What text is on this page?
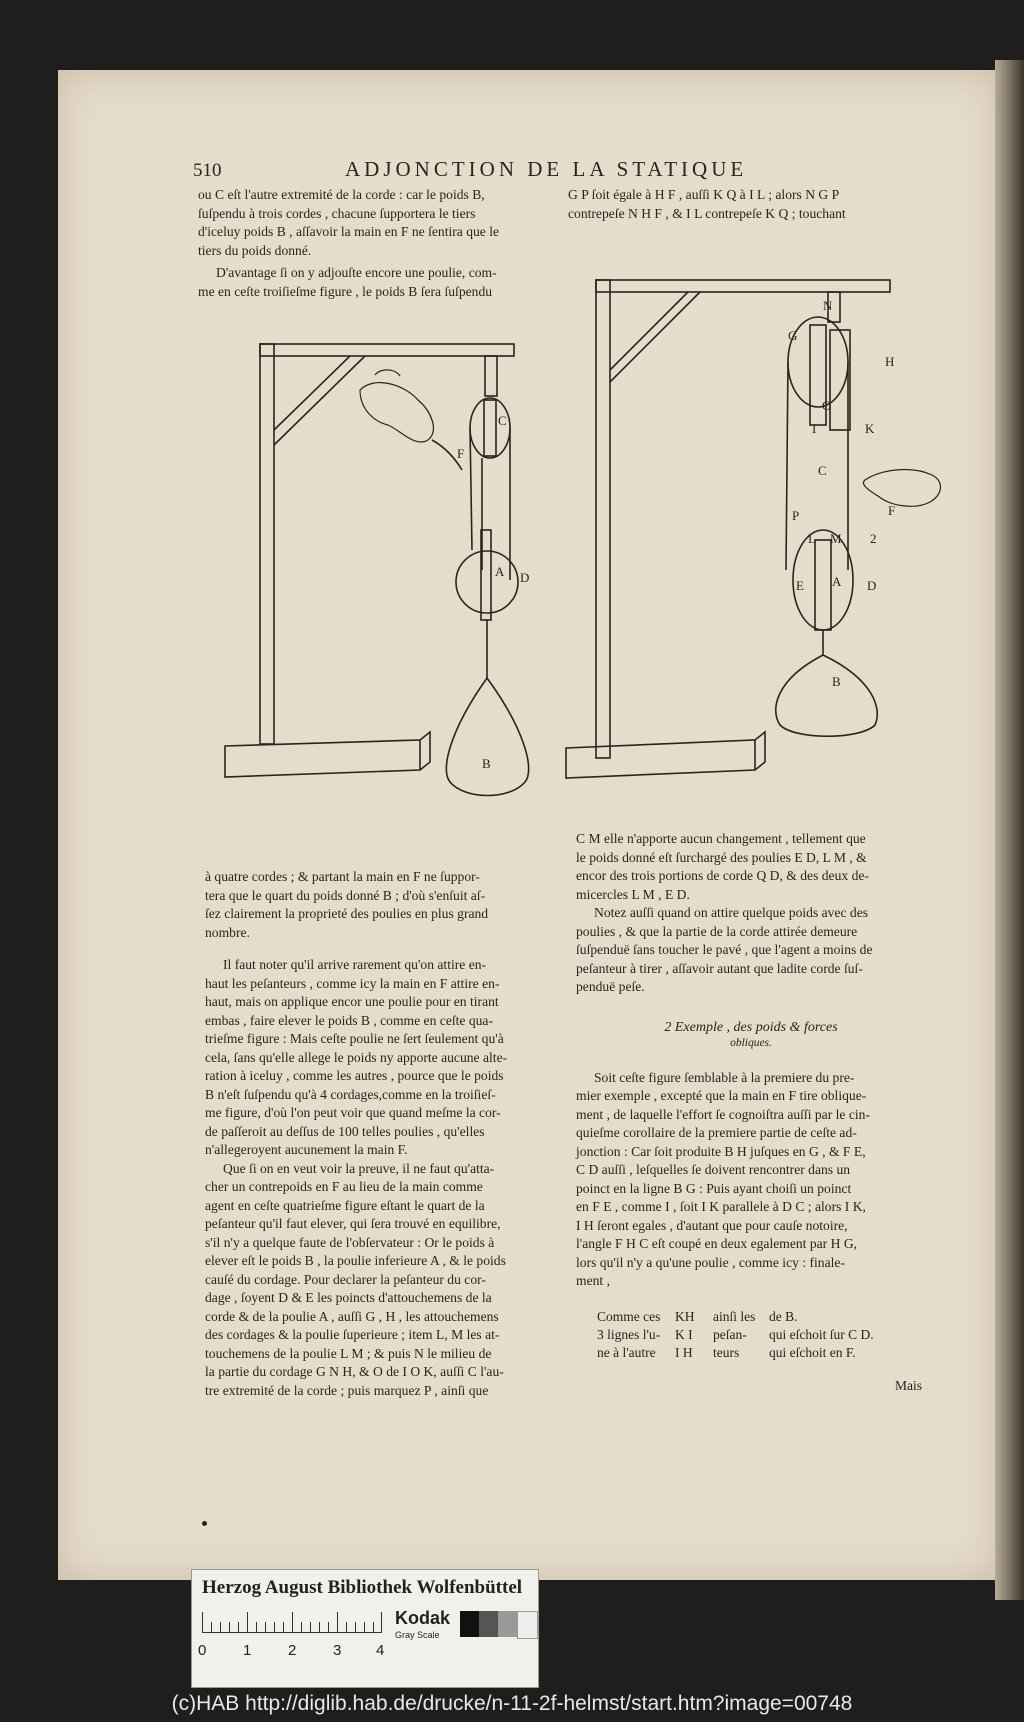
510	ADJONCTION DE LA STATIQUE

ou C eſt l'autre extremité de la corde : car le poids B,

ſuſpendu à trois cordes , chacune ſupportera le tiers

d'iceluy poids B , aſſavoir la main en F ne ſentira que le

tiers du poids donné.

D'avantage ſi on y adjouſte encore une poulie, com-

me en ceſte troiſieſme figure , le poids B ſera ſuſpendu

G P ſoit égale à H F , auſſi K Q à I L ; alors N G P

contrepeſe N H F , & I L contrepeſe K Q ; touchant

C
F
A D
B
N
G
H
O
I	K
C
P	F
L M 2
E A D
B

à quatre cordes ; & partant la main en F ne ſuppor-

tera que le quart du poids donné B ; d'où s'enſuit aſ-

ſez clairement la proprieté des poulies en plus grand

nombre.

Il faut noter qu'il arrive rarement qu'on attire en-

haut les peſanteurs , comme icy la main en F attire en-

haut, mais on applique encor une poulie pour en tirant

embas , faire elever le poids B , comme en ceſte qua-

trieſme figure : Mais ceſte poulie ne ſert ſeulement qu'à

cela, ſans qu'elle allege le poids ny apporte aucune alte-

ration à iceluy , comme les autres , pource que le poids

B n'eſt ſuſpendu qu'à 4 cordages,comme en la troiſieſ-

me figure, d'où l'on peut voir que quand meſme la cor-

de paſſeroit au deſſus de 100 telles poulies , qu'elles

n'allegeroyent aucunement la main F.

Que ſi on en veut voir la preuve, il ne faut qu'atta-

cher un contrepoids en F au lieu de la main comme

agent en ceſte quatrieſme figure eſtant le quart de la

peſanteur qu'il faut elever, qui ſera trouvé en equilibre,

s'il n'y a quelque faute de l'obſervateur : Or le poids à

elever eſt le poids B , la poulie inferieure A , & le poids

cauſé du cordage. Pour declarer la peſanteur du cor-

dage , ſoyent D & E les poincts d'attouchemens de la

corde & de la poulie A , auſſi G , H , les attouchemens

des cordages & la poulie ſuperieure ; item L, M les at-

touchemens de la poulie L M ; & puis N le milieu de

la partie du cordage G N H, & O de I O K, auſſi C l'au-

tre extremité de la corde ; puis marquez P , ainſi que

C M elle n'apporte aucun changement , tellement que

le poids donné eſt ſurchargé des poulies E D, L M , &

encor des trois portions de corde Q D, & des deux de-

micercles L M , E D.

Notez auſſi quand on attire quelque poids avec des

poulies , & que la partie de la corde attirée demeure

ſuſpenduë ſans toucher le pavé , que l'agent a moins de

peſanteur à tirer , aſſavoir autant que ladite corde ſuſ-

penduë peſe.

2 Exemple , des poids & forces

obliques.

Soit ceſte figure ſemblable à la premiere du pre-

mier exemple , excepté que la main en F tire oblique-

ment , de laquelle l'effort ſe cognoiſtra auſſi par le cin-

quieſme corollaire de la premiere partie de ceſte ad-

jonction : Car ſoit produite B H juſques en G , & F E,

C D auſſi , leſquelles ſe doivent rencontrer dans un

poinct en la ligne B G : Puis ayant choiſi un poinct

en F E , comme I , ſoit I K parallele à D C ; alors I K,

I H ſeront egales , d'autant que pour cauſe notoire,

l'angle F H C eſt coupé en deux egalement par H G,

lors qu'il n'y a qu'une poulie , comme icy : finale-

ment ,

Comme ces	KH	ainſi les	de B.
3 lignes l'u-	K I	peſan-	qui eſchoit ſur C D.
ne à l'autre	I H	teurs	qui eſchoit en F.
Mais
Herzog August Bibliothek Wolfenbüttel
0 1 2 3 4
Kodak
Gray Scale
(c)HAB http://diglib.hab.de/drucke/n-11-2f-helmst/start.htm?image=00748
